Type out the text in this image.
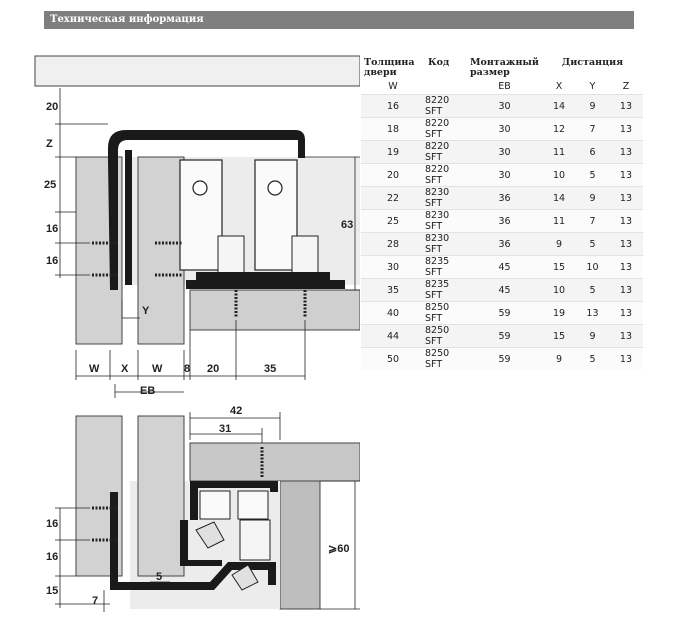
Техническая информация
20
Z
25
16
16
63
Y
W X W 8 20	35
EB
42
31
16
16
15
7
5
⩾60
Толщина двери	Код	Монтажный размер	Дистанция		
W		EB	X	Y	Z
16	8220 SFT	30	14	9	13
18	8220 SFT	30	12	7	13
19	8220 SFT	30	11	6	13
20	8220 SFT	30	10	5	13
22	8230 SFT	36	14	9	13
25	8230 SFT	36	11	7	13
28	8230 SFT	36	9	5	13
30	8235 SFT	45	15	10	13
35	8235 SFT	45	10	5	13
40	8250 SFT	59	19	13	13
44	8250 SFT	59	15	9	13
50	8250 SFT	59	9	5	13
